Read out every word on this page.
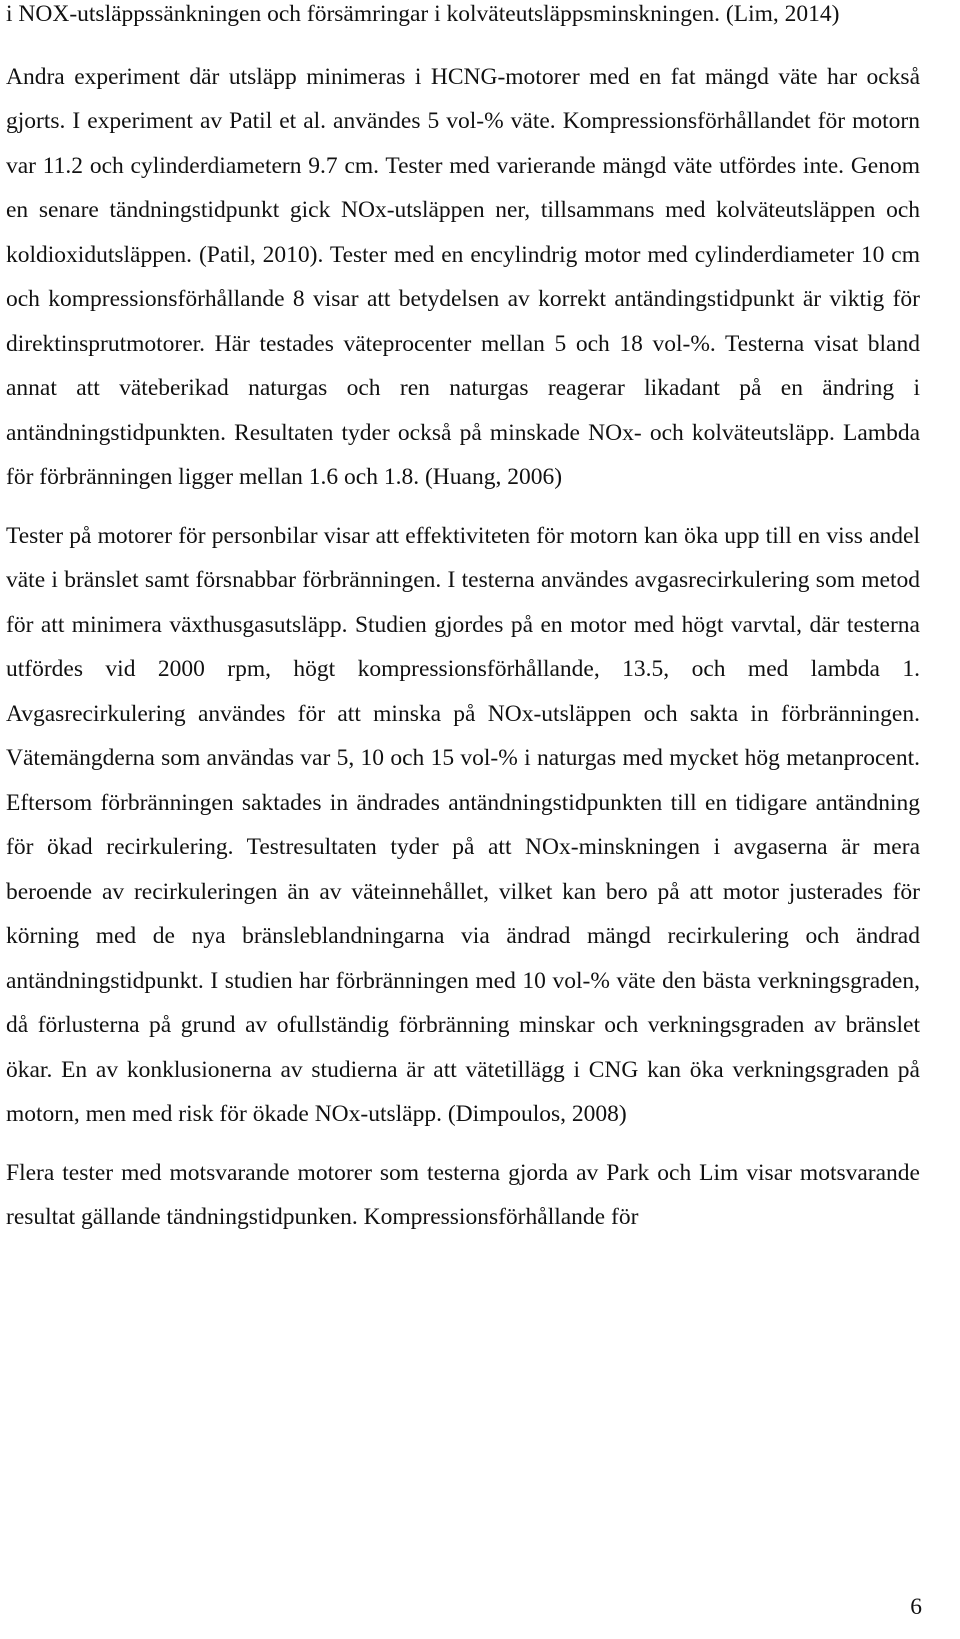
i NOX-utsläppssänkningen och försämringar i kolväteutsläppsminskningen. (Lim, 2014)

Andra experiment där utsläpp minimeras i HCNG-motorer med en fat mängd väte har också gjorts. I experiment av Patil et al. användes 5 vol-% väte. Kompressionsförhållandet för motorn var 11.2 och cylinderdiametern 9.7 cm. Tester med varierande mängd väte utfördes inte. Genom en senare tändningstidpunkt gick NOx-utsläppen ner, tillsammans med kolväteutsläppen och koldioxidutsläppen. (Patil, 2010). Tester med en encylindrig motor med cylinderdiameter 10 cm och kompressionsförhållande 8 visar att betydelsen av korrekt antändingstidpunkt är viktig för direktinsprutmotorer. Här testades väteprocenter mellan 5 och 18 vol-%. Testerna visat bland annat att väteberikad naturgas och ren naturgas reagerar likadant på en ändring i antändningstidpunkten. Resultaten tyder också på minskade NOx- och kolväteutsläpp. Lambda för förbränningen ligger mellan 1.6 och 1.8. (Huang, 2006)

Tester på motorer för personbilar visar att effektiviteten för motorn kan öka upp till en viss andel väte i bränslet samt försnabbar förbränningen. I testerna användes avgasrecirkulering som metod för att minimera växthusgasutsläpp. Studien gjordes på en motor med högt varvtal, där testerna utfördes vid 2000 rpm, högt kompressionsförhållande, 13.5, och med lambda 1. Avgasrecirkulering användes för att minska på NOx-utsläppen och sakta in förbränningen. Vätemängderna som användas var 5, 10 och 15 vol-% i naturgas med mycket hög metanprocent. Eftersom förbränningen saktades in ändrades antändningstidpunkten till en tidigare antändning för ökad recirkulering. Testresultaten tyder på att NOx-minskningen i avgaserna är mera beroende av recirkuleringen än av väteinnehållet, vilket kan bero på att motor justerades för körning med de nya bränsleblandningarna via ändrad mängd recirkulering och ändrad antändningstidpunkt. I studien har förbränningen med 10 vol-% väte den bästa verkningsgraden, då förlusterna på grund av ofullständig förbränning minskar och verkningsgraden av bränslet ökar. En av konklusionerna av studierna är att vätetillägg i CNG kan öka verkningsgraden på motorn, men med risk för ökade NOx-utsläpp. (Dimpoulos, 2008)

Flera tester med motsvarande motorer som testerna gjorda av Park och Lim visar motsvarande resultat gällande tändningstidpunken. Kompressionsförhållande för

6
